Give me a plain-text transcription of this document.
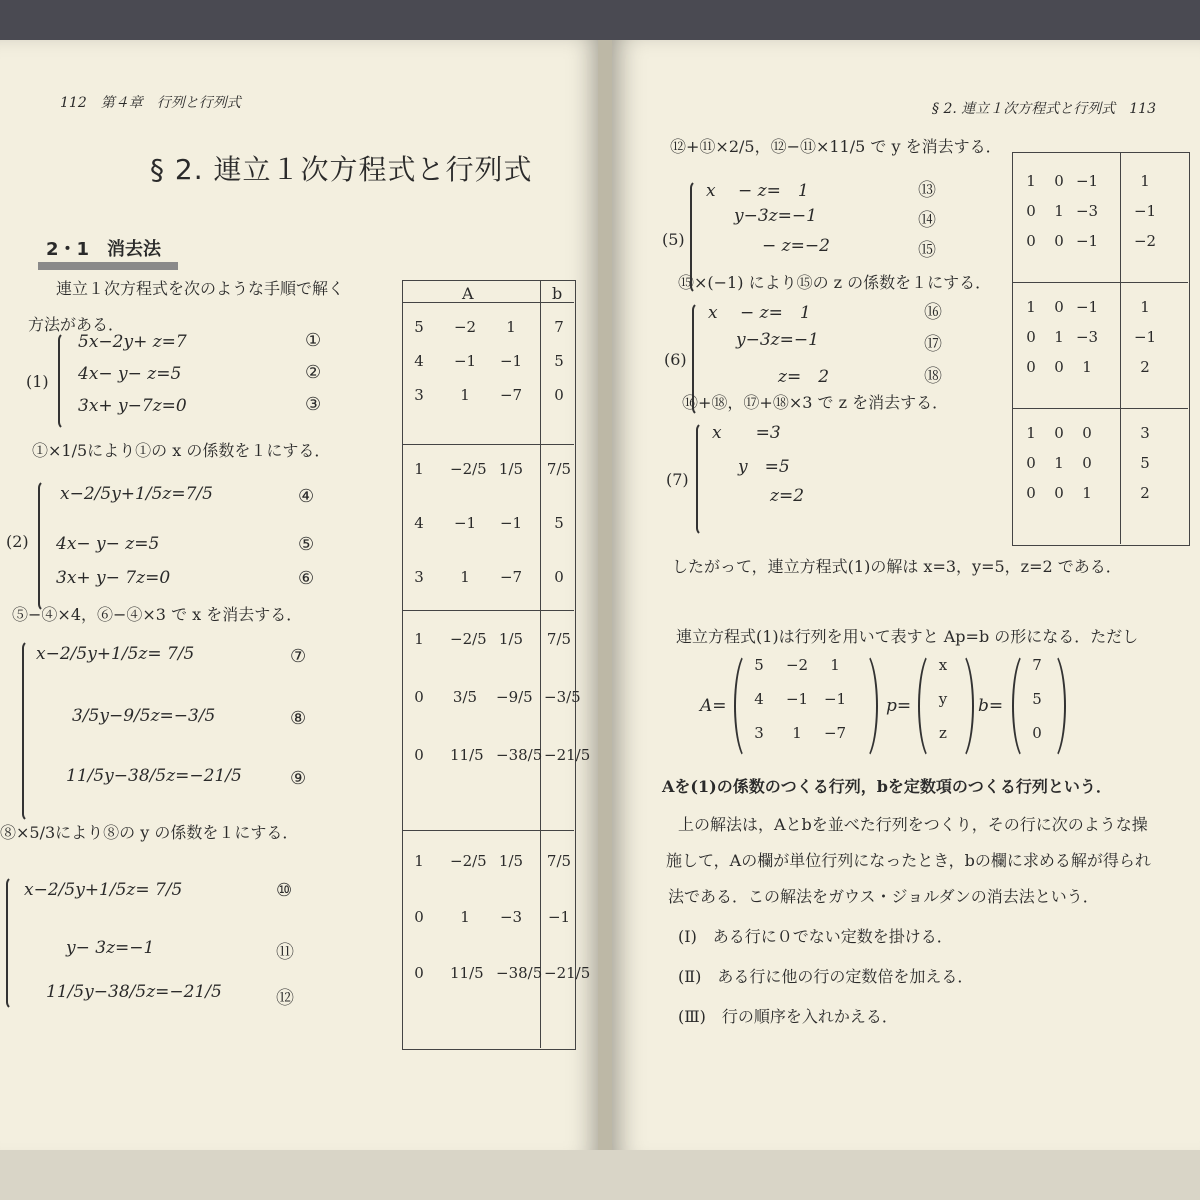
112　第４章　行列と行列式
§ 2. 連立１次方程式と行列式
2・1　消去法
連立１次方程式を次のような手順で解く
方法がある．
(1)
5x−2y+ z=7
4x− y− z=5
3x+ y−7z=0
①
②
③
①×1/5により①の x の係数を１にする．
(2)
x−2/5y+1/5z=7/5
4x− y− z=5
3x+ y− 7z=0
④
⑤
⑥
⑤−④×4，⑥−④×3 で x を消去する．
x−2/5y+1/5z= 7/5
3/5y−9/5z=−3/5
11/5y−38/5z=−21/5
⑦
⑧
⑨
⑧×5/3により⑧の y の係数を１にする．
x−2/5y+1/5z= 7/5
y− 3z=−1
11/5y−38/5z=−21/5
⑩
⑪
⑫
A	b
5	−2	1	7
4	−1 −1	5
3	1	−7	0
1	−2/5 1/5 7/5
4	−1 −1	5
3	1	−7	0
1	−2/5 1/5 7/5
0	3/5 −9/5 −3/5
0	11/5 −38/5 −21/5
1	−2/5 1/5 7/5
0	1	−3 −1
0	11/5 −38/5 −21/5
§ 2. 連立１次方程式と行列式　113
⑫+⑪×2/5，⑫−⑪×11/5 で y を消去する．
(5)
x　 − z=　1
y−3z=−1
− z=−2
⑬
⑭
⑮
⑮×(−1) により⑮の z の係数を１にする．
(6)
x　 − z=　1
y−3z=−1
z=　2
⑯
⑰
⑱
⑯+⑱，⑰+⑱×3 で z を消去する．
(7)
x　　=3
y　=5
z=2
したがって，連立方程式(1)の解は x=3，y=5，z=2 である．
連立方程式(1)は行列を用いて表すと Ap=b の形になる．ただし
A=
5	−2	1
4	−1 −1
3	1	−7
p=
x
y
z
b=
7
5
0
Aを(1)の係数のつくる行列，bを定数項のつくる行列という．
上の解法は，Aとbを並べた行列をつくり，その行に次のような操
施して，Aの欄が単位行列になったとき，bの欄に求める解が得られ
法である．この解法をガウス・ジョルダンの消去法という．
(Ⅰ)　ある行に０でない定数を掛ける．
(Ⅱ)　ある行に他の行の定数倍を加える．
(Ⅲ)　行の順序を入れかえる．
1	0 −1	1
0	1 −3 −1
0	0 −1 −2
1	0 −1	1
0	1 −3 −1
0	0	1	2
1	0	0	3
0	1	0	5
0	0	1	2
